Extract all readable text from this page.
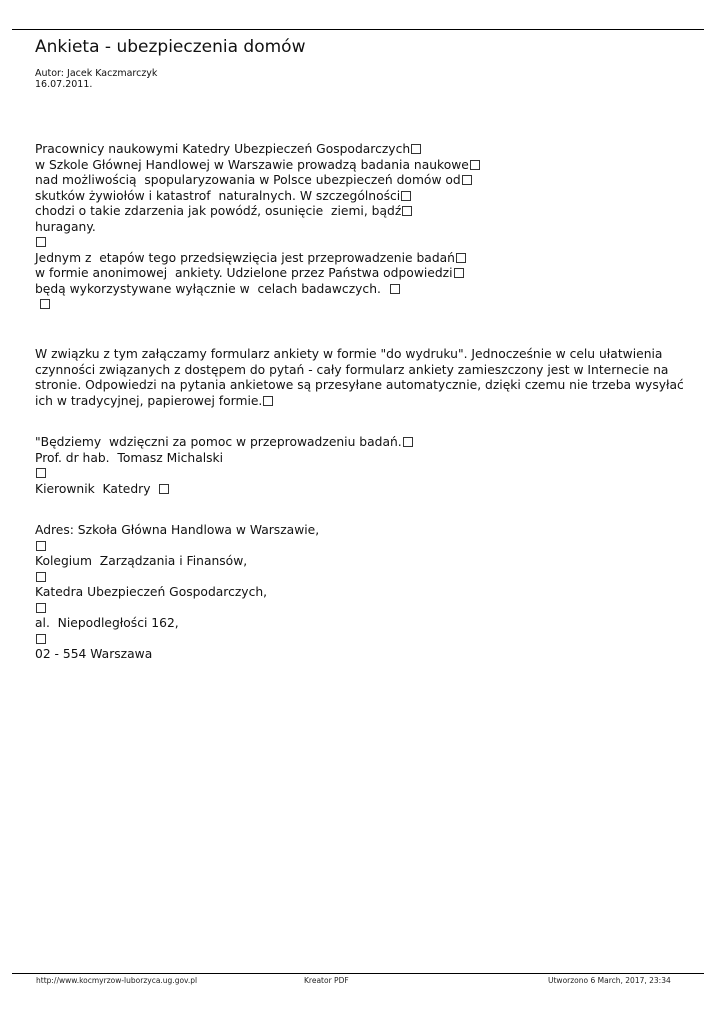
Ankieta - ubezpieczenia domów
Autor: Jacek Kaczmarczyk
16.07.2011.
Pracownicy naukowymi Katedry Ubezpieczeń Gospodarczych
w Szkole Głównej Handlowej w Warszawie prowadzą badania naukowe
nad możliwością  spopularyzowania w Polsce ubezpieczeń domów od
skutków żywiołów i katastrof  naturalnych. W szczególności
chodzi o takie zdarzenia jak powódź, osunięcie  ziemi, bądź
huragany.
Jednym z  etapów tego przedsięwzięcia jest przeprowadzenie badań
w formie anonimowej  ankiety. Udzielone przez Państwa odpowiedzi
będą wykorzystywane wyłącznie w  celach badawczych.

W związku z tym załączamy formularz ankiety w formie "do wydruku". Jednocześnie w celu ułatwienia
czynności związanych z dostępem do pytań - cały formularz ankiety zamieszczony jest w Internecie na
stronie. Odpowiedzi na pytania ankietowe są przesyłane automatycznie, dzięki czemu nie trzeba wysyłać
ich w tradycyjnej, papierowej formie.
"Będziemy  wdzięczni za pomoc w przeprowadzeniu badań.
Prof. dr hab.  Tomasz Michalski
Kierownik  Katedry
Adres: Szkoła Główna Handlowa w Warszawie,
Kolegium  Zarządzania i Finansów,
Katedra Ubezpieczeń Gospodarczych,
al.  Niepodległości 162,
02 - 554 Warszawa
http://www.kocmyrzow-luborzyca.ug.gov.pl	Kreator PDF	Utworzono 6 March, 2017, 23:34
